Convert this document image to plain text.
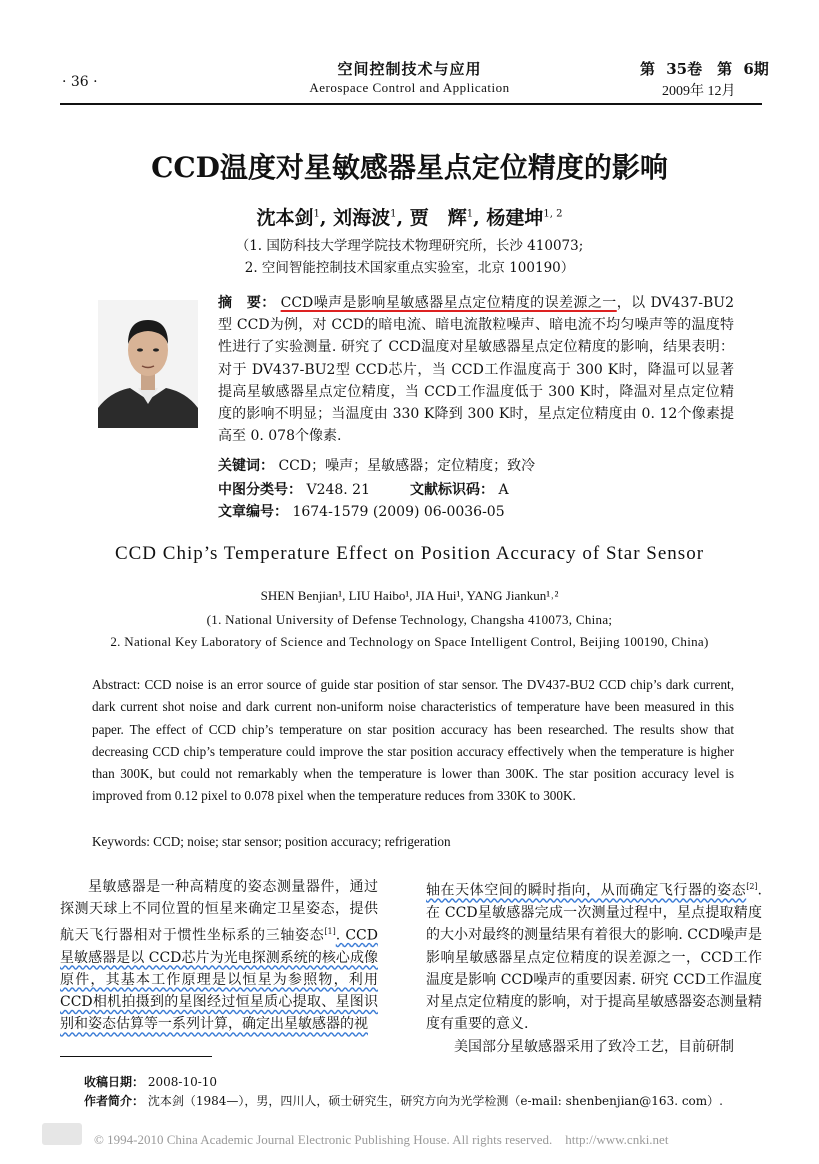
· 36 ·
空间控制技术与应用
Aerospace Control and Application
第 35卷　第 6期
2009年 12月
CCD温度对星敏感器星点定位精度的影响
沈本剑$^1$, 刘海波$^1$, 贾　辉$^1$, 杨建坤$^{1, 2}$
（1. 国防科技大学理学院技术物理研究所，长沙 410073;
2. 空间智能控制技术国家重点实验室，北京 100190）
摘　要： CCD噪声是影响星敏感器星点定位精度的误差源之一，以 DV437-BU2型 CCD为例，对 CCD的暗电流、暗电流散粒噪声、暗电流不均匀噪声等的温度特性进行了实验测量. 研究了 CCD温度对星敏感器星点定位精度的影响，结果表明：对于 DV437-BU2型 CCD芯片，当 CCD工作温度高于 300 K时，降温可以显著提高星敏感器星点定位精度，当 CCD工作温度低于 300 K时，降温对星点定位精度的影响不明显；当温度由 330 K降到 300 K时，星点定位精度由 0. 12个像素提高至 0. 078个像素.
关键词： CCD；噪声；星敏感器；定位精度；致冷
中图分类号： V248. 21	文献标识码： A
文章编号： 1674-1579 (2009) 06-0036-05
CCD Chip’s Temperature Effect on Position Accuracy of Star Sensor
SHEN Benjian¹, LIU Haibo¹, JIA Hui¹, YANG Jiankun¹˒²
(1. National University of Defense Technology, Changsha 410073, China;
2. National Key Laboratory of Science and Technology on Space Intelligent Control, Beijing 100190, China)
Abstract: CCD noise is an error source of guide star position of star sensor. The DV437-BU2 CCD chip’s dark current, dark current shot noise and dark current non-uniform noise characteristics of temperature have been measured in this paper. The effect of CCD chip’s temperature on star position accuracy has been researched. The results show that decreasing CCD chip’s temperature could improve the star position accuracy effectively when the temperature is higher than 300K, but could not remarkably when the temperature is lower than 300K. The star position accuracy level is improved from 0.12 pixel to 0.078 pixel when the temperature reduces from 330K to 300K.
Keywords: CCD; noise; star sensor; position accuracy; refrigeration

星敏感器是一种高精度的姿态测量器件，通过探测天球上不同位置的恒星来确定卫星姿态，提供航天飞行器相对于惯性坐标系的三轴姿态[1]. CCD星敏感器是以 CCD芯片为光电探测系统的核心成像原件，其基本工作原理是以恒星为参照物，利用 CCD相机拍摄到的星图经过恒星质心提取、星图识别和姿态估算等一系列计算，确定出星敏感器的视

轴在天体空间的瞬时指向，从而确定飞行器的姿态[2]. 在 CCD星敏感器完成一次测量过程中，星点提取精度的大小对最终的测量结果有着很大的影响. CCD噪声是影响星敏感器星点定位精度的误差源之一，CCD工作温度是影响 CCD噪声的重要因素. 研究 CCD工作温度对星点定位精度的影响，对于提高星敏感器姿态测量精度有重要的意义.

美国部分星敏感器采用了致冷工艺，目前研制

收稿日期： 2008-10-10
作者简介： 沈本剑（1984—），男，四川人，硕士研究生，研究方向为光学检测（e-mail: shenbenjian@163. com）.
© 1994-2010 China Academic Journal Electronic Publishing House. All rights reserved.　http://www.cnki.net
